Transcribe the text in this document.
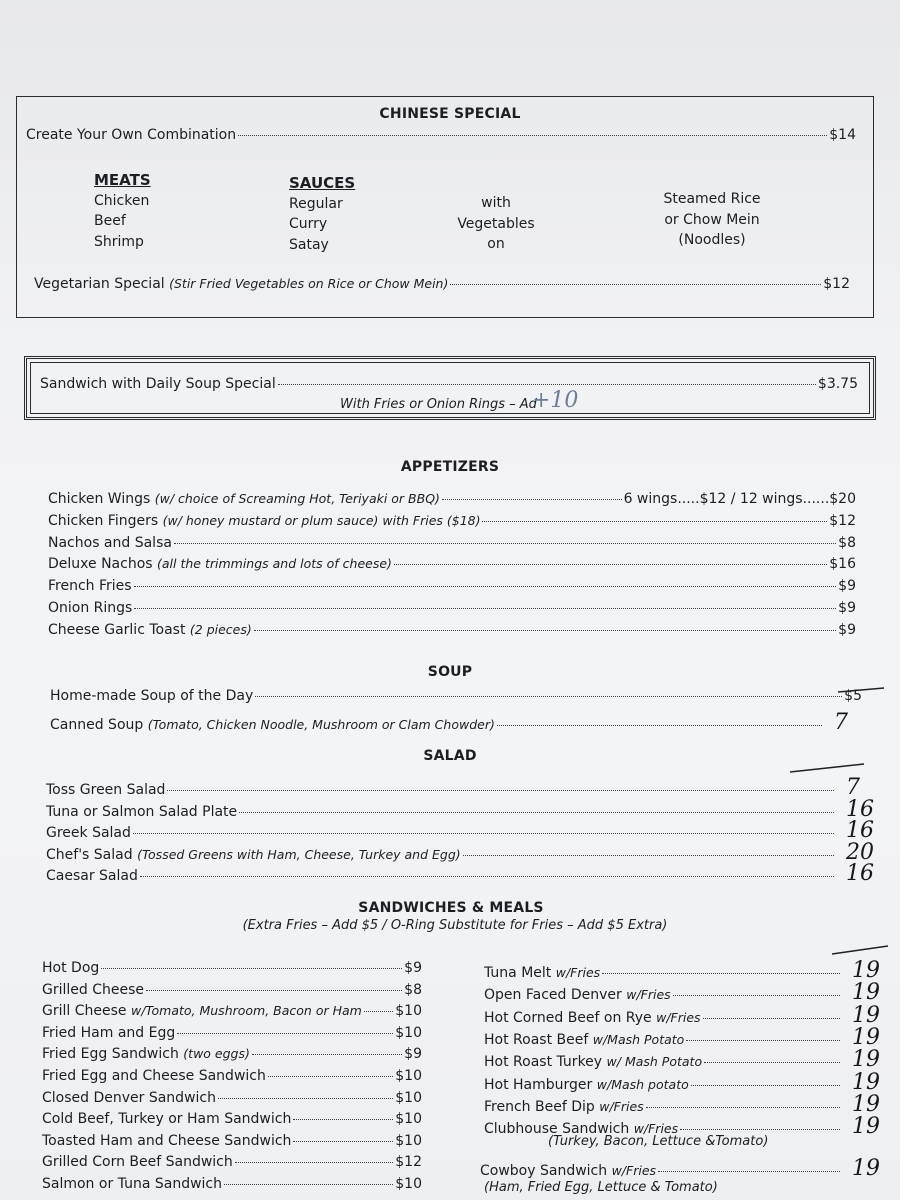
CHINESE SPECIAL
Create Your Own Combination	$14
MEATS
Chicken
Beef
Shrimp
SAUCES
Regular
Curry
Satay
with
Vegetables
on
Steamed Rice
or Chow Mein
(Noodles)
Vegetarian Special (Stir Fried Vegetables on Rice or Chow Mein)	$12
Sandwich with Daily Soup Special	$3.75
With Fries or Onion Rings – Ad
+10
APPETIZERS
Chicken Wings (w/ choice of Screaming Hot, Teriyaki or BBQ)	6 wings.....$12 / 12 wings..... .$20
Chicken Fingers (w/ honey mustard or plum sauce) with Fries ($18)	$12
Nachos and Salsa	$8
Deluxe Nachos (all the trimmings and lots of cheese)	$16
French Fries	$9
Onion Rings	$9
Cheese Garlic Toast (2 pieces)	$9
SOUP
Home-made Soup of the Day	$5
Canned Soup (Tomato, Chicken Noodle, Mushroom or Clam Chowder)	7
SALAD
Toss Green Salad	7
Tuna or Salmon Salad Plate	16
Greek Salad	16
Chef's Salad (Tossed Greens with Ham, Cheese, Turkey and Egg)	20
Caesar Salad	16
SANDWICHES & MEALS
(Extra Fries – Add $5 / O-Ring Substitute for Fries – Add $5 Extra)
Hot Dog	$9
Grilled Cheese	$8
Grill Cheese w/Tomato, Mushroom, Bacon or Ham $10
Fried Ham and Egg	$10
Fried Egg Sandwich (two eggs)	$9
Fried Egg and Cheese Sandwich	$10
Closed Denver Sandwich	$10
Cold Beef, Turkey or Ham Sandwich	$10
Toasted Ham and Cheese Sandwich	$10
Grilled Corn Beef Sandwich	$12
Salmon or Tuna Sandwich	$10
Tuna Melt w/Fries	19
Open Faced Denver w/Fries	19
Hot Corned Beef on Rye w/Fries	19
Hot Roast Beef w/Mash Potato	19
Hot Roast Turkey w/ Mash Potato	19
Hot Hamburger w/Mash potato	19
French Beef Dip w/Fries	19
Clubhouse Sandwich w/Fries	19
Cowboy Sandwich w/Fries	19
(Turkey, Bacon, Lettuce &Tomato)
(Ham, Fried Egg, Lettuce & Tomato)
